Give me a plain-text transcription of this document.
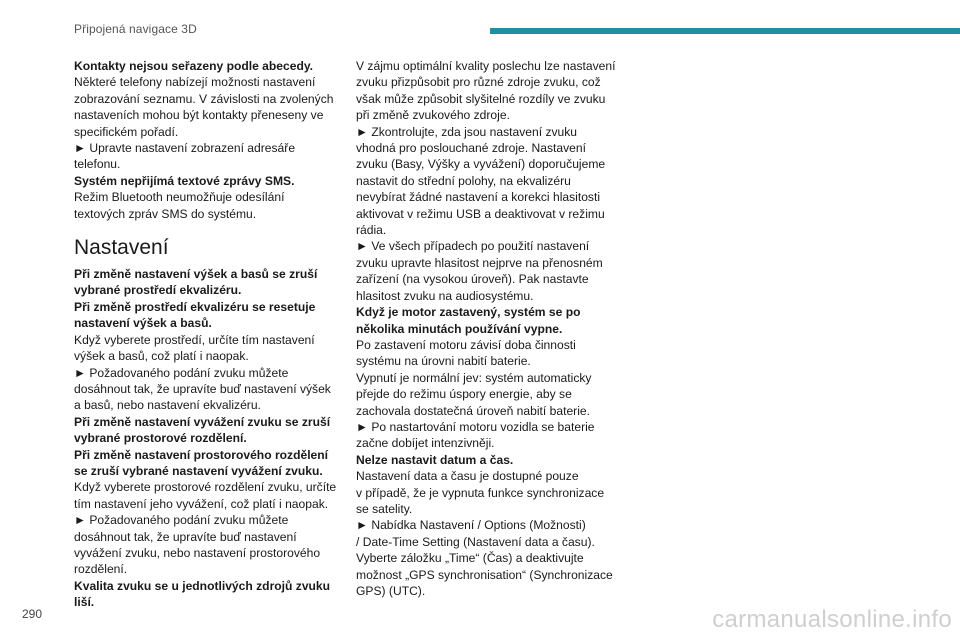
Připojená navigace 3D
Kontakty nejsou seřazeny podle abecedy.
Některé telefony nabízejí možnosti nastavení
zobrazování seznamu. V závislosti na zvolených
nastaveních mohou být kontakty přeneseny ve
specifickém pořadí.
► Upravte nastavení zobrazení adresáře
telefonu.
Systém nepřijímá textové zprávy SMS.
Režim Bluetooth neumožňuje odesílání
textových zpráv SMS do systému.
Nastavení
Při změně nastavení výšek a basů se zruší
vybrané prostředí ekvalizéru.
Při změně prostředí ekvalizéru se resetuje
nastavení výšek a basů.
Když vyberete prostředí, určíte tím nastavení
výšek a basů, což platí i naopak.
► Požadovaného podání zvuku můžete
dosáhnout tak, že upravíte buď nastavení výšek
a basů, nebo nastavení ekvalizéru.
Při změně nastavení vyvážení zvuku se zruší
vybrané prostorové rozdělení.
Při změně nastavení prostorového rozdělení
se zruší vybrané nastavení vyvážení zvuku.
Když vyberete prostorové rozdělení zvuku, určíte
tím nastavení jeho vyvážení, což platí i naopak.
► Požadovaného podání zvuku můžete
dosáhnout tak, že upravíte buď nastavení
vyvážení zvuku, nebo nastavení prostorového
rozdělení.
Kvalita zvuku se u jednotlivých zdrojů zvuku
liší.
V zájmu optimální kvality poslechu lze nastavení
zvuku přizpůsobit pro různé zdroje zvuku, což
však může způsobit slyšitelné rozdíly ve zvuku
při změně zvukového zdroje.
► Zkontrolujte, zda jsou nastavení zvuku
vhodná pro poslouchané zdroje. Nastavení
zvuku (Basy, Výšky a vyvážení) doporučujeme
nastavit do střední polohy, na ekvalizéru
nevybírat žádné nastavení a korekci hlasitosti
aktivovat v režimu USB a deaktivovat v režimu
rádia.
► Ve všech případech po použití nastavení
zvuku upravte hlasitost nejprve na přenosném
zařízení (na vysokou úroveň). Pak nastavte
hlasitost zvuku na audiosystému.
Když je motor zastavený, systém se po
několika minutách používání vypne.
Po zastavení motoru závisí doba činnosti
systému na úrovni nabití baterie.
Vypnutí je normální jev: systém automaticky
přejde do režimu úspory energie, aby se
zachovala dostatečná úroveň nabití baterie.
► Po nastartování motoru vozidla se baterie
začne dobíjet intenzivněji.
Nelze nastavit datum a čas.
Nastavení data a času je dostupné pouze
v případě, že je vypnuta funkce synchronizace
se satelity.
► Nabídka Nastavení / Options (Možnosti)
/ Date-Time Setting (Nastavení data a času).
Vyberte záložku „Time“ (Čas) a deaktivujte
možnost „GPS synchronisation“ (Synchronizace
GPS) (UTC).
290	carmanualsonline.info
